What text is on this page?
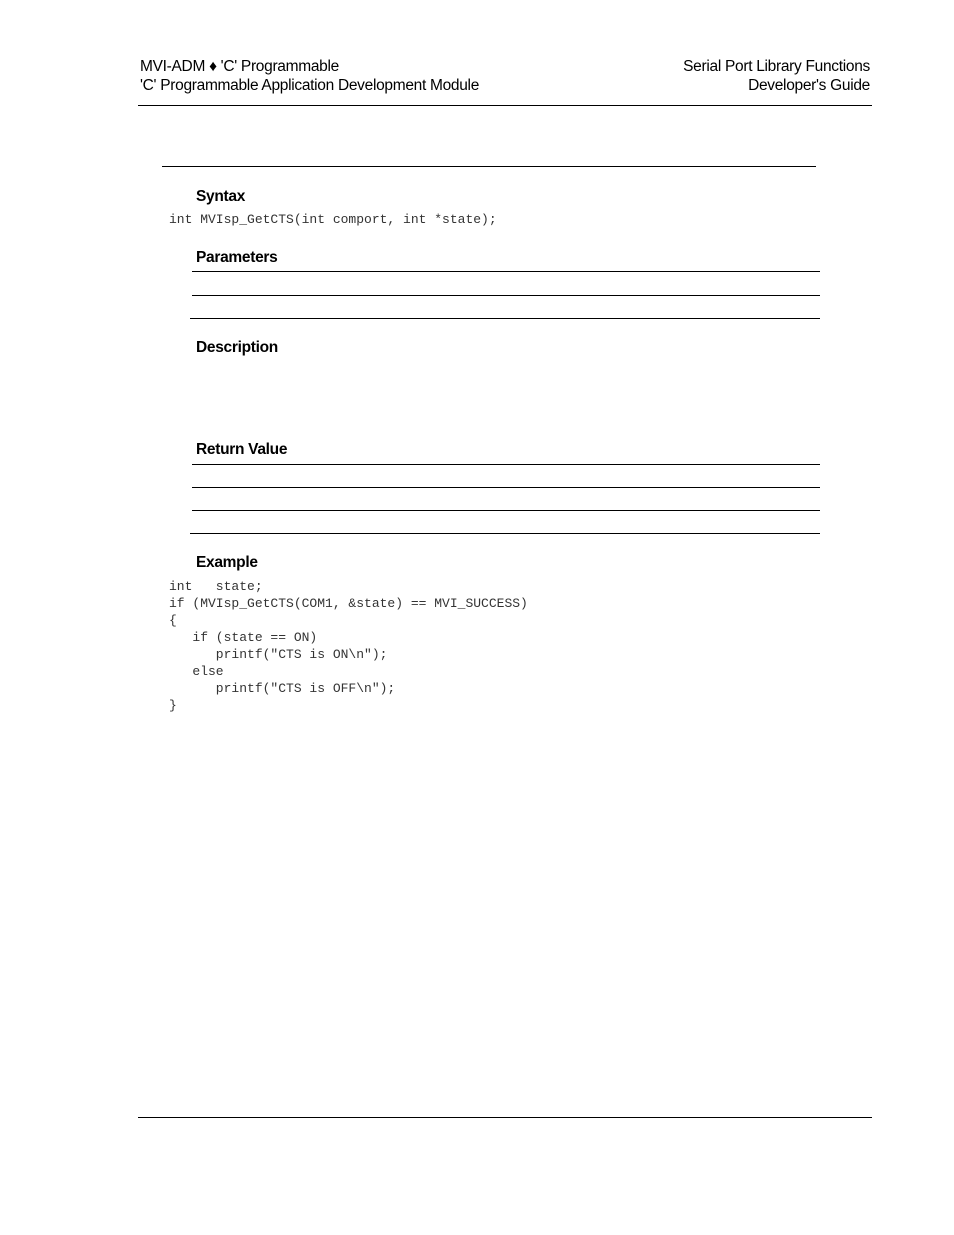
MVI-ADM ♦ 'C' Programmable
'C' Programmable Application Development Module
Serial Port Library Functions
Developer's Guide
Syntax
int MVIsp_GetCTS(int comport, int *state);
Parameters
Description
Return Value
Example
int   state;
if (MVIsp_GetCTS(COM1, &state) == MVI_SUCCESS)
{
if (state == ON)
printf("CTS is ON\n");
else
printf("CTS is OFF\n");
}
